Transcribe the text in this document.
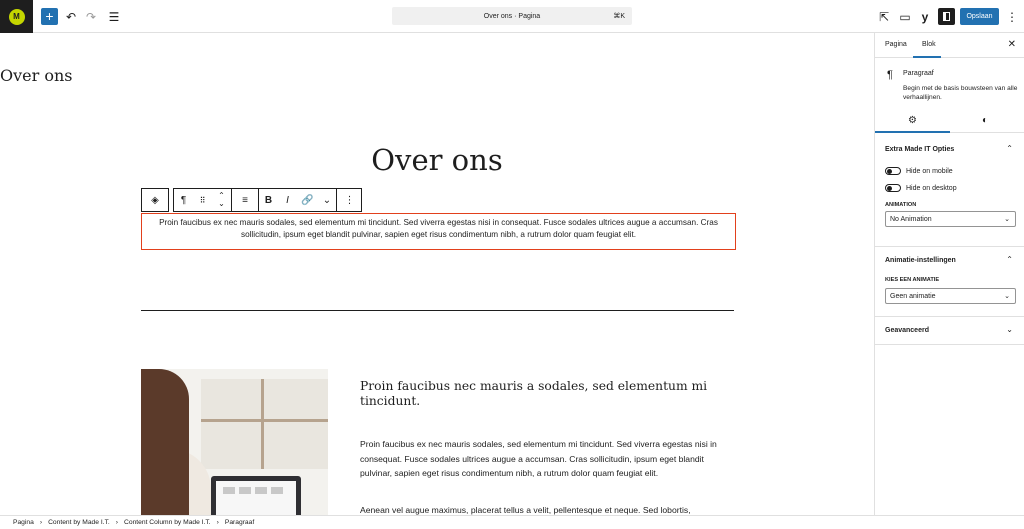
M	+	↶ ↷ ☰	Over ons · Pagina	⌘K	⇱ ▭ y	Opslaan	⋮
Over ons
Over ons
◈	¶	⠿	⌃
⌄	≡	B	I	🔗 ⌄	⋮
Proin faucibus ex nec mauris sodales, sed elementum mi tincidunt. Sed viverra egestas nisi in consequat. Fusce sodales ultrices augue a accumsan. Cras sollicitudin, ipsum eget blandit pulvinar, sapien eget risus condimentum nibh, a rutrum dolor quam feugiat elit.
Proin faucibus nec mauris a sodales, sed elementum mi tincidunt.
Proin faucibus ex nec mauris sodales, sed elementum mi tincidunt. Sed viverra egestas nisi in consequat. Fusce sodales ultrices augue a accumsan. Cras sollicitudin, ipsum eget blandit pulvinar, sapien eget risus condimentum nibh, a rutrum dolor quam feugiat elit.
Aenean vel augue maximus, placerat tellus a velit, pellentesque et neque. Sed lobortis,
Pagina Blok	✕
¶ Paragraaf
Begin met de basis bouwsteen van alle verhaallijnen.
⚙	◐
Extra Made IT Opties	⌃
Hide on mobile
Hide on desktop
ANIMATION
No Animation	⌄
Animatie-instellingen	⌃
KIES EEN ANIMATIE
Geen animatie	⌄
Geavanceerd	⌄
Pagina › Content by Made I.T. › Content Column by Made I.T. › Paragraaf
